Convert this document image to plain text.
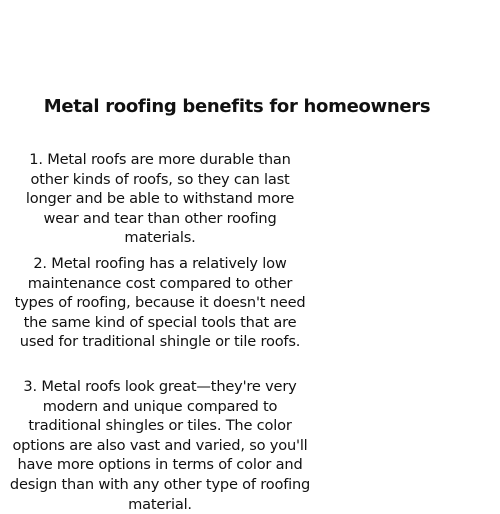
Metal roofing benefits for homeowners

1. Metal roofs are more durable than other kinds of roofs, so they can last longer and be able to withstand more wear and tear than other roofing materials.

2. Metal roofing has a relatively low maintenance cost compared to other types of roofing, because it doesn't need the same kind of special tools that are used for traditional shingle or tile roofs.

3. Metal roofs look great—they're very modern and unique compared to traditional shingles or tiles. The color options are also vast and varied, so you'll have more options in terms of color and design than with any other type of roofing material.
